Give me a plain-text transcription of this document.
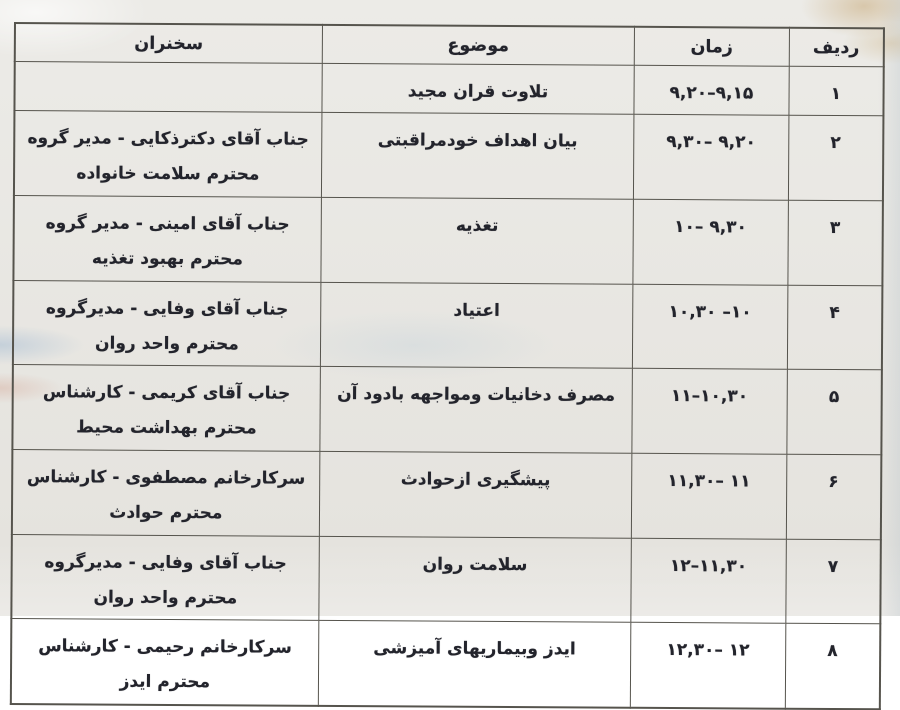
ردیف	زمان	موضوع	سخنران
۱	۹,۲۰–۹,۱۵	تلاوت قران مجید	
۲	۹,۳۰– ۹,۲۰	بیان اهداف خودمراقبتی	جناب آقای دکترذکایی - مدیر گروه محترم سلامت خانواده
۳	۱۰– ۹,۳۰	تغذیه	جناب آقای امینی - مدیر گروه محترم بهبود تغذیه
۴	۱۰,۳۰ –۱۰	اعتیاد	جناب آقای وفایی - مدیرگروه محترم واحد روان
۵	۱۱–۱۰,۳۰	مصرف دخانیات ومواجهه بادود آن	جناب آقای کریمی - کارشناس محترم بهداشت محیط
۶	۱۱,۳۰– ۱۱	پیشگیری ازحوادث	سرکارخانم مصطفوی - کارشناس محترم حوادث
۷	۱۲–۱۱,۳۰	سلامت روان	جناب آقای وفایی - مدیرگروه محترم واحد روان
۸	۱۲,۳۰– ۱۲	ایدز وبیماریهای آمیزشی	سرکارخانم رحیمی - کارشناس محترم ایدز
